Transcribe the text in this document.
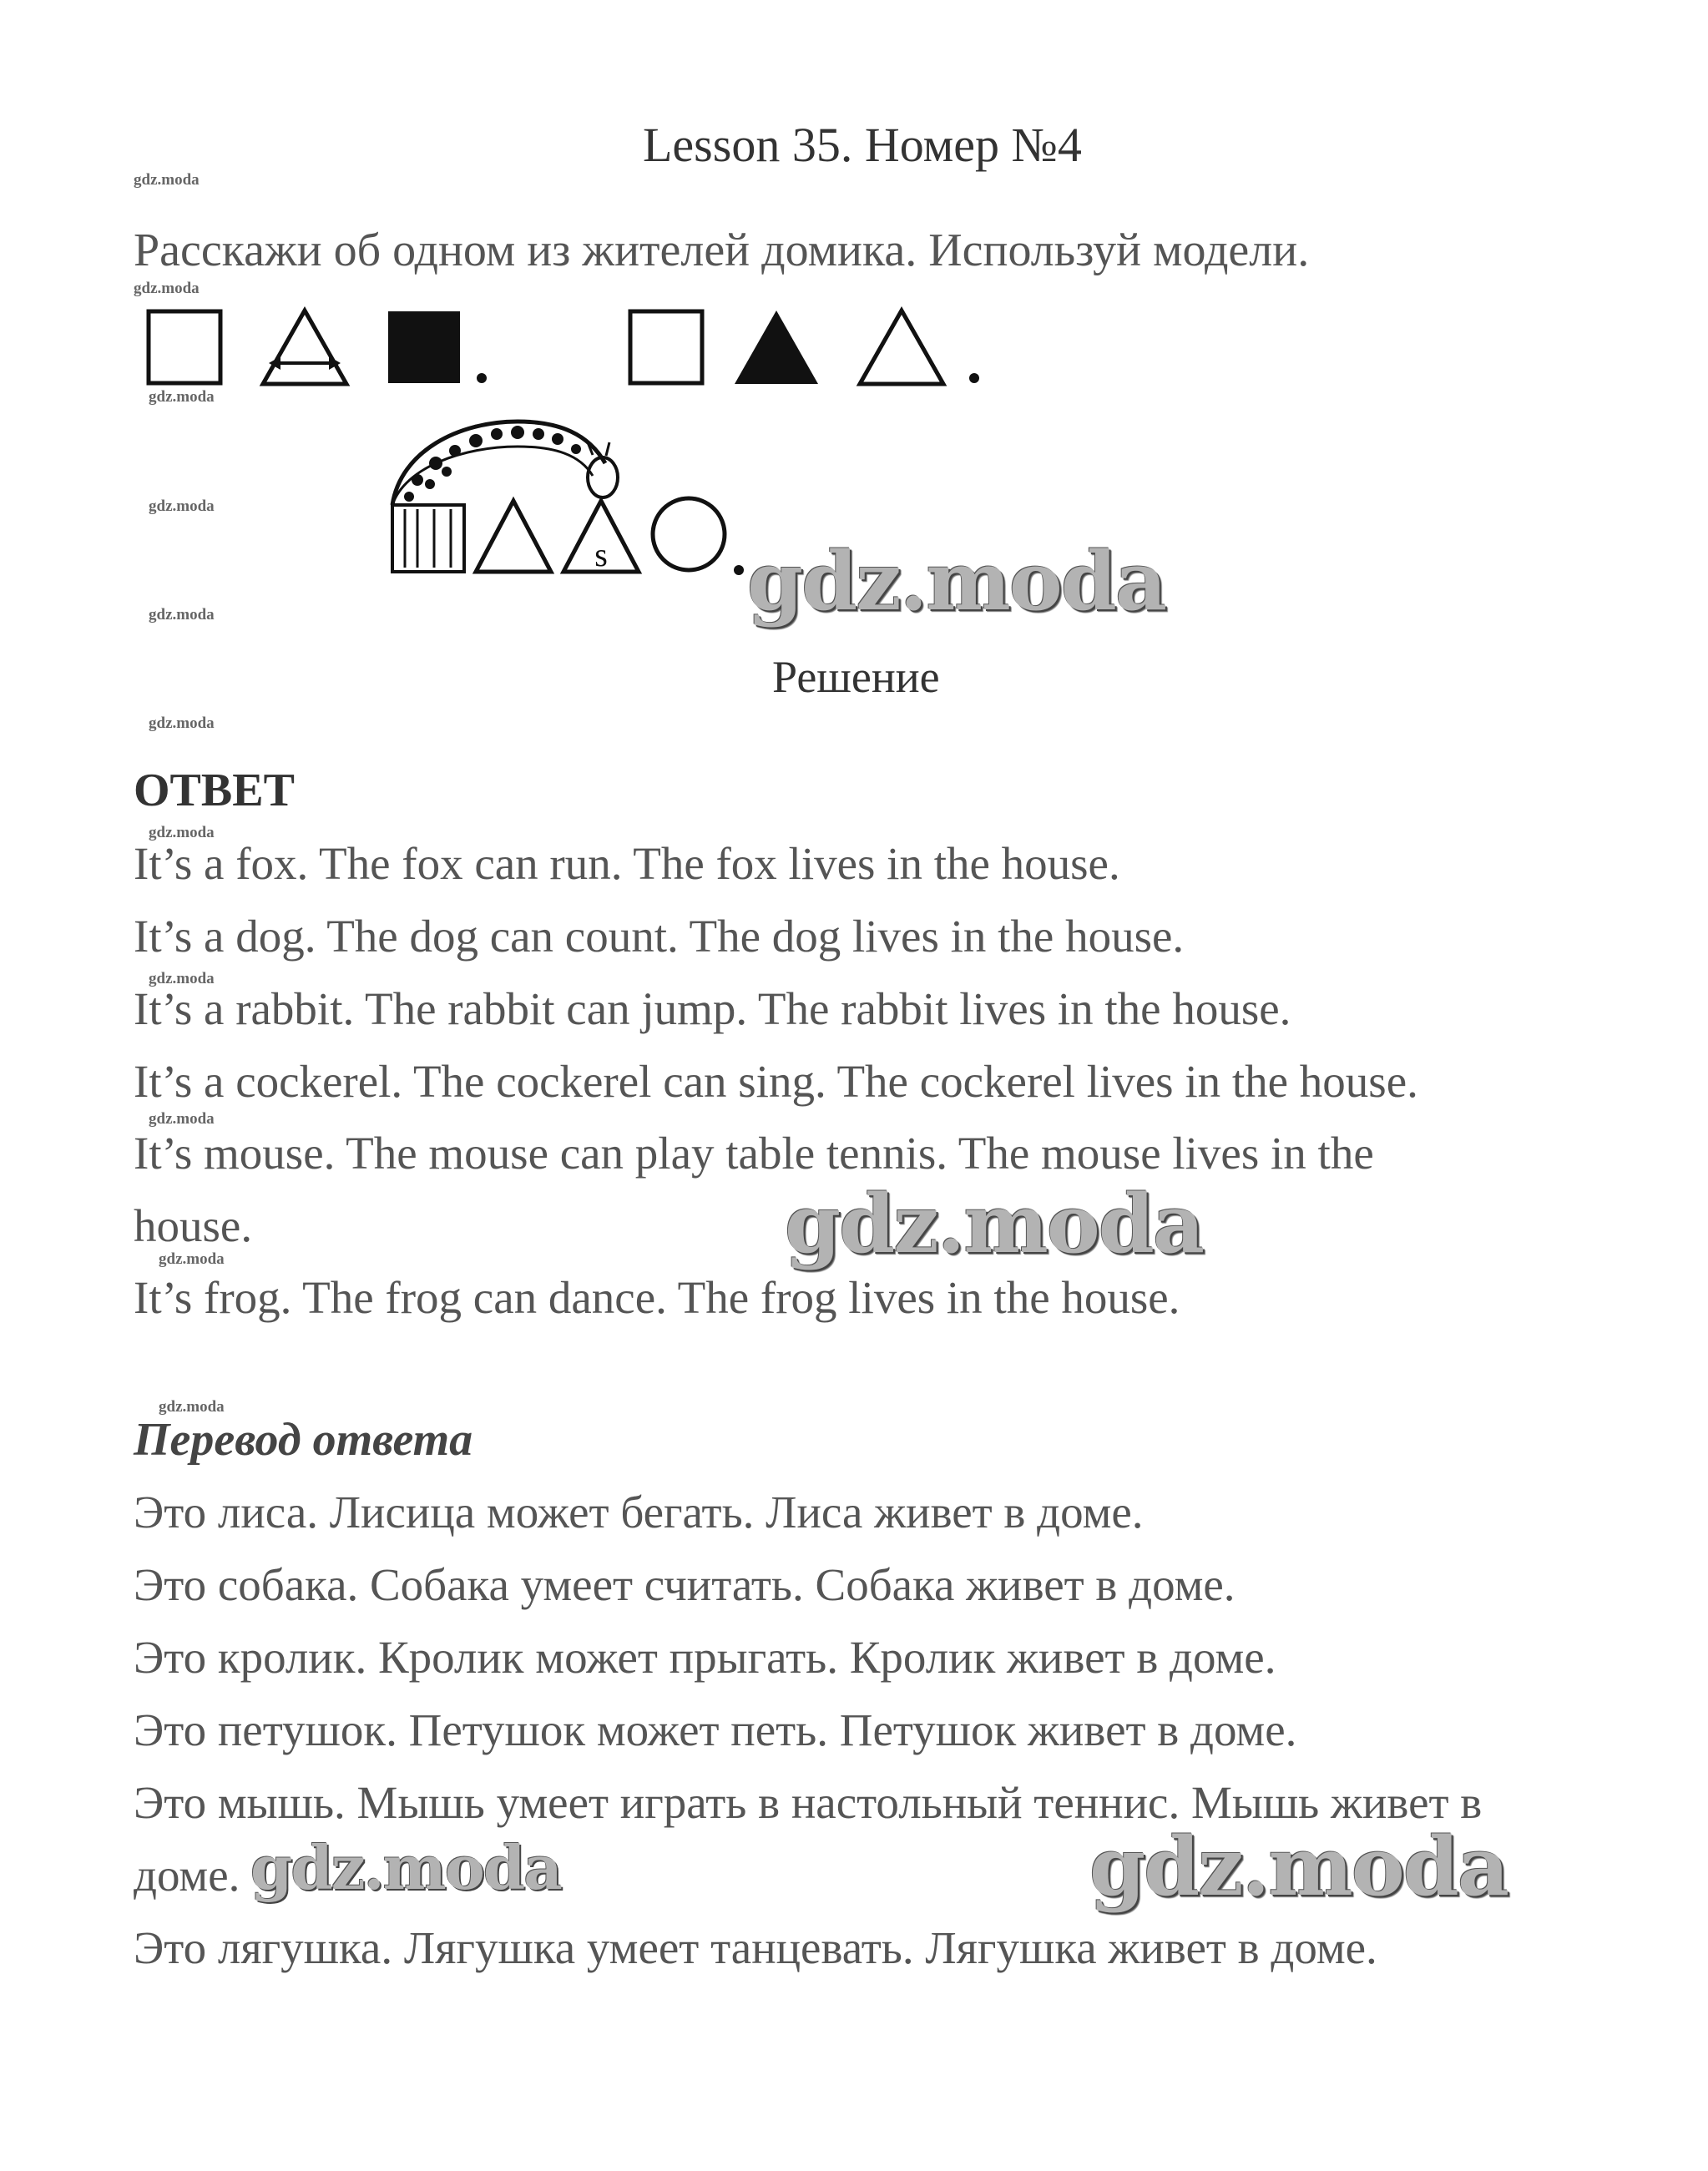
Lesson 35. Номер №4
gdz.moda
Расскажи об одном из жителей домика. Используй модели.
gdz.moda
gdz.moda
gdz.moda
gdz.moda
gdz.moda
s gdz.moda
Решение
ОТВЕТ
gdz.moda
It’s a fox. The fox can run. The fox lives in the house.
It’s a dog. The dog can count. The dog lives in the house.
gdz.moda
It’s a rabbit. The rabbit can jump. The rabbit lives in the house.
It’s a cockerel. The cockerel can sing. The cockerel lives in the house.
gdz.moda
It’s mouse. The mouse can play table tennis. The mouse lives in the
house.	gdz.moda
gdz.moda
It’s frog. The frog can dance. The frog lives in the house.
gdz.moda
Перевод ответа
Это лиса. Лисица может бегать. Лиса живет в доме.
Это собака. Собака умеет считать. Собака живет в доме.
Это кролик. Кролик может прыгать. Кролик живет в доме.
Это петушок. Петушок может петь. Петушок живет в доме.
Это мышь. Мышь умеет играть в настольный теннис. Мышь живет в
доме. gdz.moda	gdz.moda
Это лягушка. Лягушка умеет танцевать. Лягушка живет в доме.
